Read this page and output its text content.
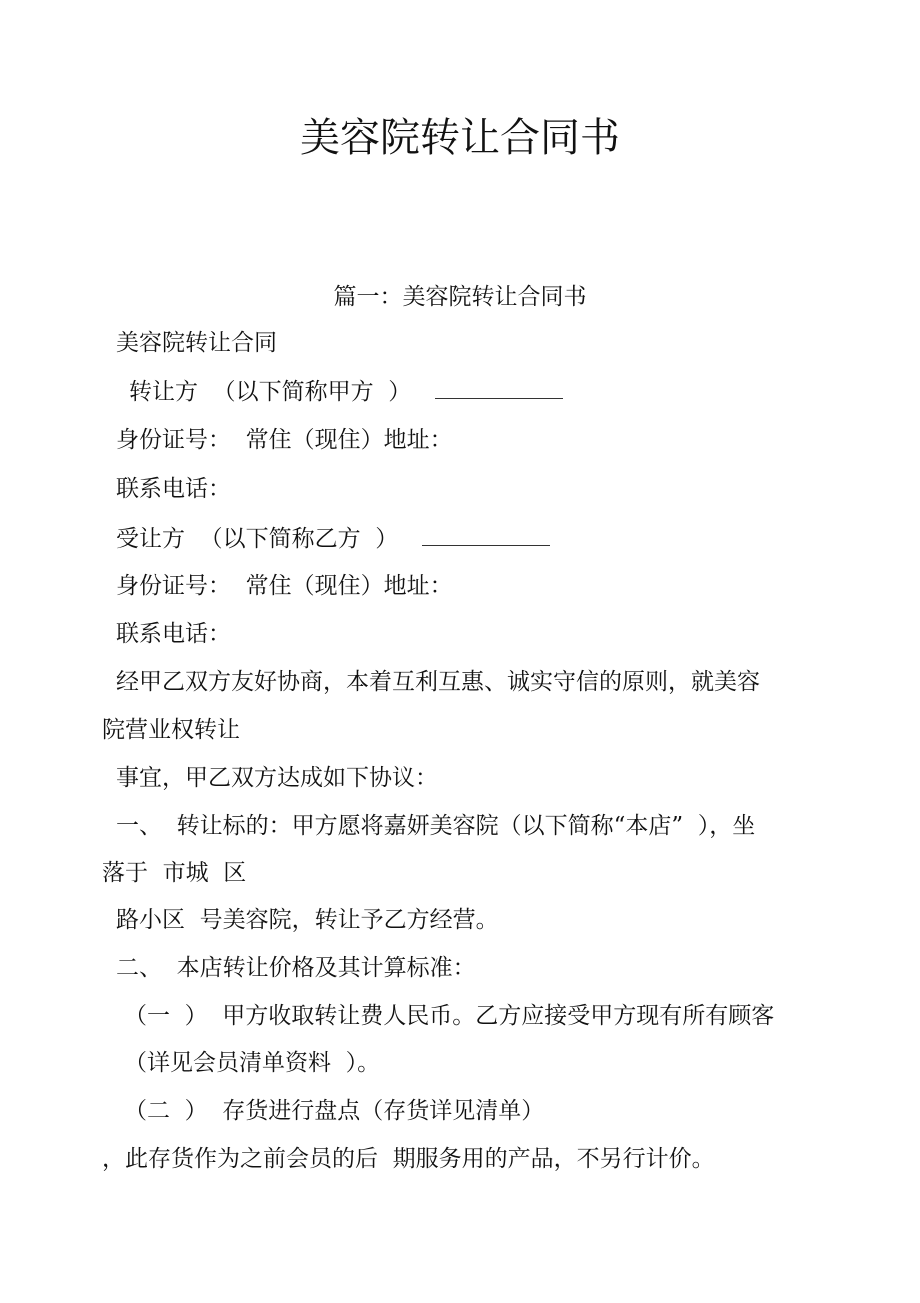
美容院转让合同书
篇一：美容院转让合同书
美容院转让合同
转让方  （以下简称甲方  ）
身份证号：  常住（现住）地址：
联系电话：
受让方  （以下简称乙方  ）
身份证号：  常住（现住）地址：
联系电话：
经甲乙双方友好协商，本着互利互惠、诚实守信的原则，就美容
院营业权转让
事宜，甲乙双方达成如下协议：
一、  转让标的：甲方愿将嘉妍美容院（以下简称“本店”  ），坐
落于  市城  区
路小区  号美容院，转让予乙方经营。
二、  本店转让价格及其计算标准：
（一  ）  甲方收取转让费人民币。乙方应接受甲方现有所有顾客
（详见会员清单资料  ）。
（二  ）  存货进行盘点（存货详见清单）
，此存货作为之前会员的后  期服务用的产品，不另行计价。
